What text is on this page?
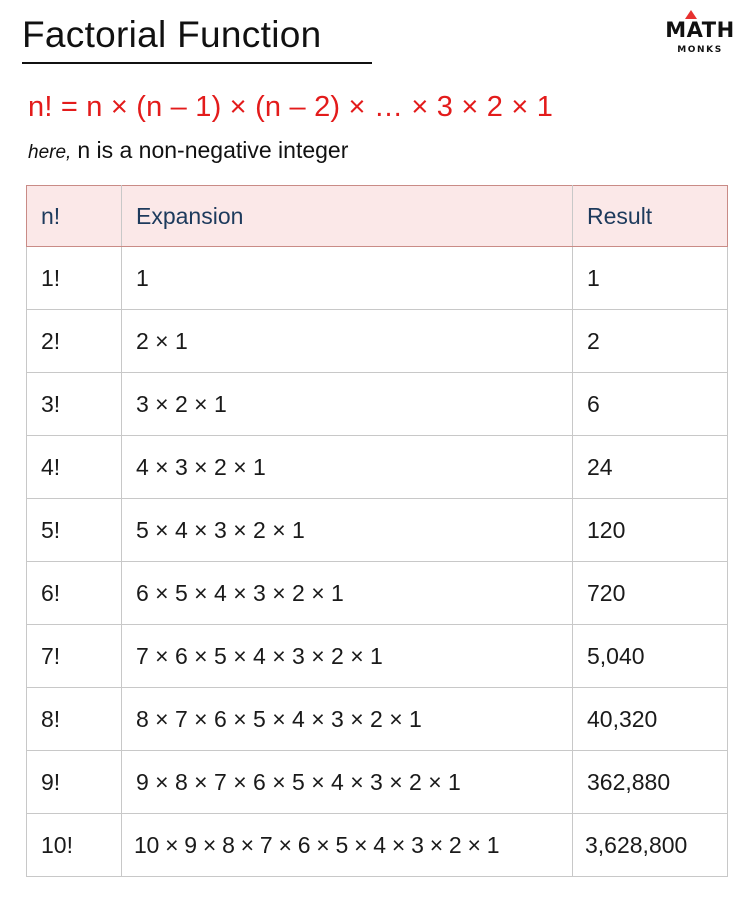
Factorial Function	MATH
MONKS
n! = n × (n – 1) × (n – 2) × … × 3 × 2 × 1
here, n is a non-negative integer
n!	Expansion	Result
1!	1	1
2!	2 × 1	2
3!	3 × 2 × 1	6
4!	4 × 3 × 2 × 1	24
5!	5 × 4 × 3 × 2 × 1	120
6!	6 × 5 × 4 × 3 × 2 × 1	720
7!	7 × 6 × 5 × 4 × 3 × 2 × 1	5,040
8!	8 × 7 × 6 × 5 × 4 × 3 × 2 × 1	40,320
9!	9 × 8 × 7 × 6 × 5 × 4 × 3 × 2 × 1	362,880
10!	10 × 9 × 8 × 7 × 6 × 5 × 4 × 3 × 2 × 1	3,628,800
